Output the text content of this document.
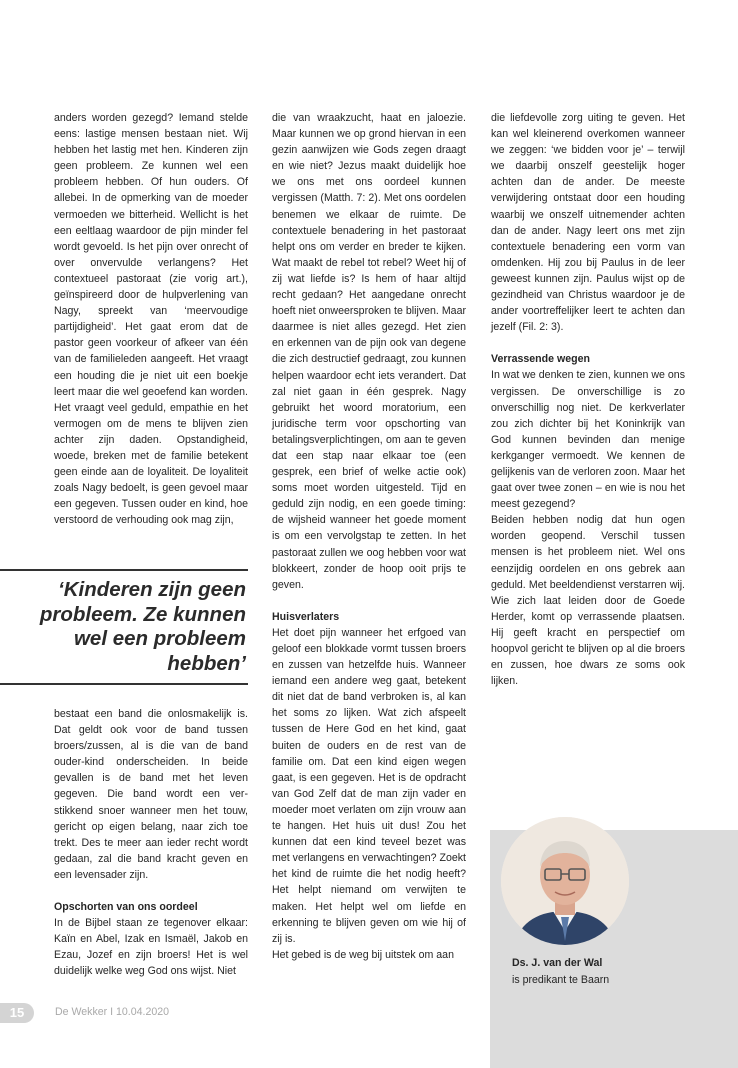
anders worden gezegd? Iemand stelde eens: lastige mensen bestaan niet. Wij hebben het lastig met hen. Kinderen zijn geen probleem. Ze kunnen wel een probleem hebben. Of hun ouders. Of allebei. In de opmerking van de moeder vermoeden we bitterheid. Wellicht is het een eeltlaag waardoor de pijn minder fel wordt gevoeld. Is het pijn over onrecht of over onvervulde verlangens? Het contextueel pastoraat (zie vorig art.), geïnspireerd door de hulpverlening van Nagy, spreekt van ‘meervoudige partijdigheid’. Het gaat erom dat de pastor geen voorkeur of afkeer van één van de familieleden aangeeft. Het vraagt een houding die je niet uit een boekje leert maar die wel geoefend kan worden. Het vraagt veel geduld, empathie en het vermogen om de mens te blijven zien achter zijn daden. Opstandigheid, woede, breken met de familie betekent geen einde aan de loyaliteit. De loyaliteit zoals Nagy bedoelt, is geen gevoel maar een gegeven. Tussen ouder en kind, hoe verstoord de verhouding ook mag zijn,

‘Kinderen zijn geen probleem. Ze kunnen wel een probleem hebben’

bestaat een band die onlosmakelijk is. Dat geldt ook voor de band tussen broers/zussen, al is die van de band ouder-kind onderscheiden. In beide gevallen is de band met het leven gegeven. Die band wordt een verstikkend snoer wanneer men het touw, gericht op eigen belang, naar zich toe trekt. Des te meer aan ieder recht wordt gedaan, zal die band kracht geven en een levensader zijn.

Opschorten van ons oordeel

In de Bijbel staan ze tegenover elkaar: Kaïn en Abel, Izak en Ismaël, Jakob en Ezau, Jozef en zijn broers! Het is wel duidelijk welke weg God ons wijst. Niet

die van wraakzucht, haat en jaloezie. Maar kunnen we op grond hiervan in een gezin aanwijzen wie Gods zegen draagt en wie niet? Jezus maakt duidelijk hoe we ons met ons oordeel kunnen vergissen (Matth. 7: 2). Met ons oordelen benemen we elkaar de ruimte. De contextuele benadering in het pastoraat helpt ons om verder en breder te kijken. Wat maakt de rebel tot rebel? Weet hij of zij wat liefde is? Is hem of haar altijd recht gedaan? Het aangedane onrecht hoeft niet onweersproken te blijven. Maar daarmee is niet alles gezegd. Het zien en erkennen van de pijn ook van degene die zich destructief gedraagt, zou kunnen helpen waardoor echt iets verandert. Dat zal niet gaan in één gesprek. Nagy gebruikt het woord moratorium, een juridische term voor opschorting van betalingsverplichtingen, om aan te geven dat een stap naar elkaar toe (een gesprek, een brief of welke actie ook) soms moet worden uitgesteld. Tijd en geduld zijn nodig, en een goede timing: de wijsheid wanneer het goede moment is om een vervolgstap te zetten. In het pastoraat zullen we oog hebben voor wat blokkeert, zonder de hoop ooit prijs te geven.

Huisverlaters

Het doet pijn wanneer het erfgoed van geloof een blokkade vormt tussen broers en zussen van hetzelfde huis. Wanneer iemand een andere weg gaat, betekent dit niet dat de band verbroken is, al kan het soms zo lijken. Wat zich afspeelt tussen de Here God en het kind, gaat buiten de ouders en de rest van de familie om. Dat een kind eigen wegen gaat, is een gegeven. Het is de opdracht van God Zelf dat de man zijn vader en moeder moet verlaten om zijn vrouw aan te hangen. Het huis uit dus! Zou het kunnen dat een kind teveel bezet was met verlangens en verwachtingen? Zoekt het kind de ruimte die het nodig heeft? Het helpt niemand om verwijten te maken. Het helpt wel om liefde en erkenning te blijven geven om wie hij of zij is.

Het gebed is de weg bij uitstek om aan

die liefdevolle zorg uiting te geven. Het kan wel kleinerend overkomen wanneer we zeggen: ‘we bidden voor je’ – terwijl we daarbij onszelf geestelijk hoger achten dan de ander. De meeste verwijdering ontstaat door een houding waarbij we onszelf uitnemender achten dan de ander. Nagy leert ons met zijn contextuele benadering een vorm van omdenken. Hij zou bij Paulus in de leer geweest kunnen zijn. Paulus wijst op de gezindheid van Christus waardoor je de ander voortreffelijker leert te achten dan jezelf (Fil. 2: 3).

Verrassende wegen

In wat we denken te zien, kunnen we ons vergissen. De onverschillige is zo onverschillig nog niet. De kerkverlater zou zich dichter bij het Koninkrijk van God kunnen bevinden dan menige kerkganger vermoedt. We kennen de gelijkenis van de verloren zoon. Maar het gaat over twee zonen – en wie is nou het meest gezegend?

Beiden hebben nodig dat hun ogen worden geopend. Verschil tussen mensen is het probleem niet. Wel ons eenzijdig oordelen en ons gebrek aan geduld. Met beeldendienst verstarren wij. Wie zich laat leiden door de Goede Herder, komt op verrassende plaatsen. Hij geeft kracht en perspectief om hoopvol gericht te blijven op al die broers en zussen, hoe dwars ze soms ook lijken.

Ds. J. van der Wal

is predikant te Baarn

15	De Wekker I 10.04.2020
